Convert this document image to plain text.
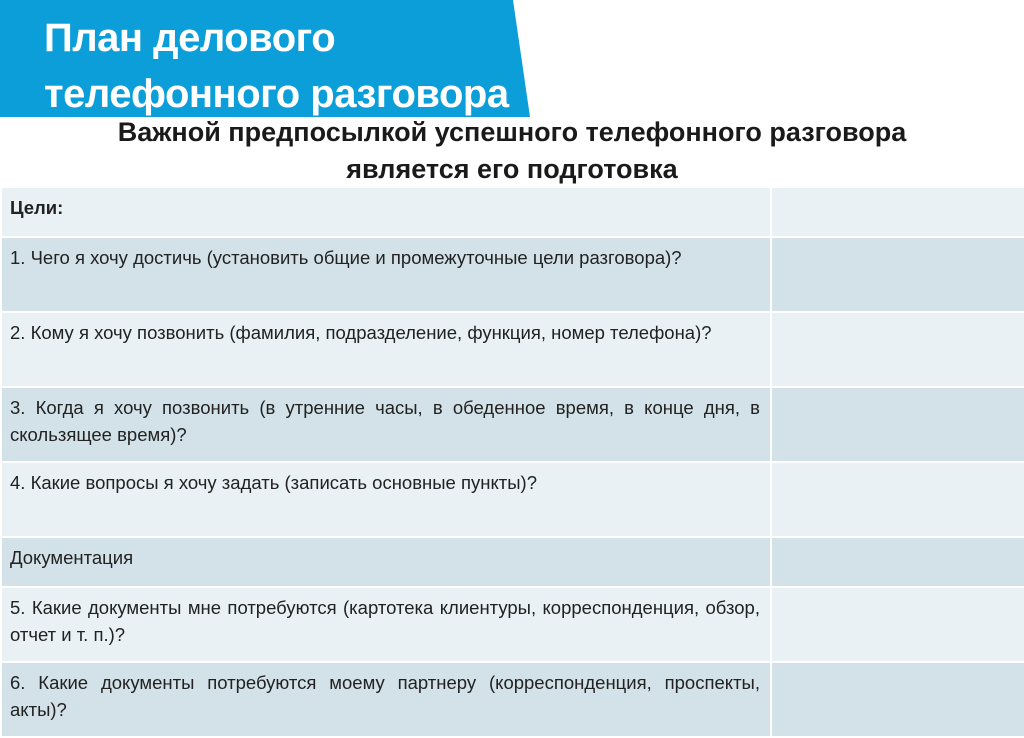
План делового
телефонного разговора
Важной предпосылкой успешного телефонного разговора
является его подготовка
Цели:	
1. Чего я хочу достичь (установить общие и промежуточные цели разговора)?	
2. Кому я хочу позвонить (фамилия, подразделение, функция, номер телефона)?	
3. Когда я хочу позвонить (в утренние часы, в обеденное время, в конце дня, в скользящее время)?	
4. Какие вопросы я хочу задать (записать основные пункты)?	
Документация	
5. Какие документы мне потребуются (картотека клиентуры, корреспонденция, обзор, отчет и т. п.)?	
6. Какие документы потребуются моему партнеру (корреспонденция, проспекты, акты)?	
